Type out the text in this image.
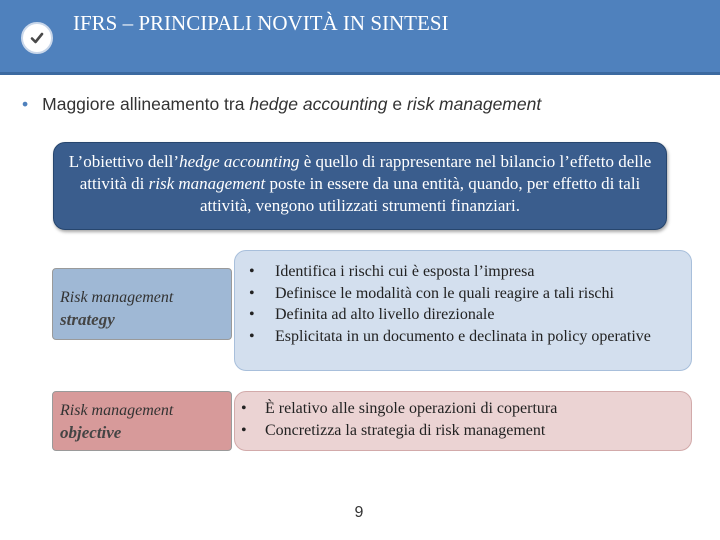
IFRS – PRINCIPALI NOVITÀ IN SINTESI
• Maggiore allineamento tra hedge accounting e risk management
L’obiettivo dell’hedge accounting è quello di rappresentare nel bilancio l’effetto delle attività di risk management poste in essere da una entità, quando, per effetto di tali attività, vengono utilizzati strumenti finanziari.
Risk management
strategy
• Identifica i rischi cui è esposta l’impresa
• Definisce le modalità con le quali reagire a tali rischi
• Definita ad alto livello direzionale
• Esplicitata in un documento e declinata in policy operative
Risk management
objective
• È relativo alle singole operazioni di copertura
• Concretizza la strategia di risk management
9
